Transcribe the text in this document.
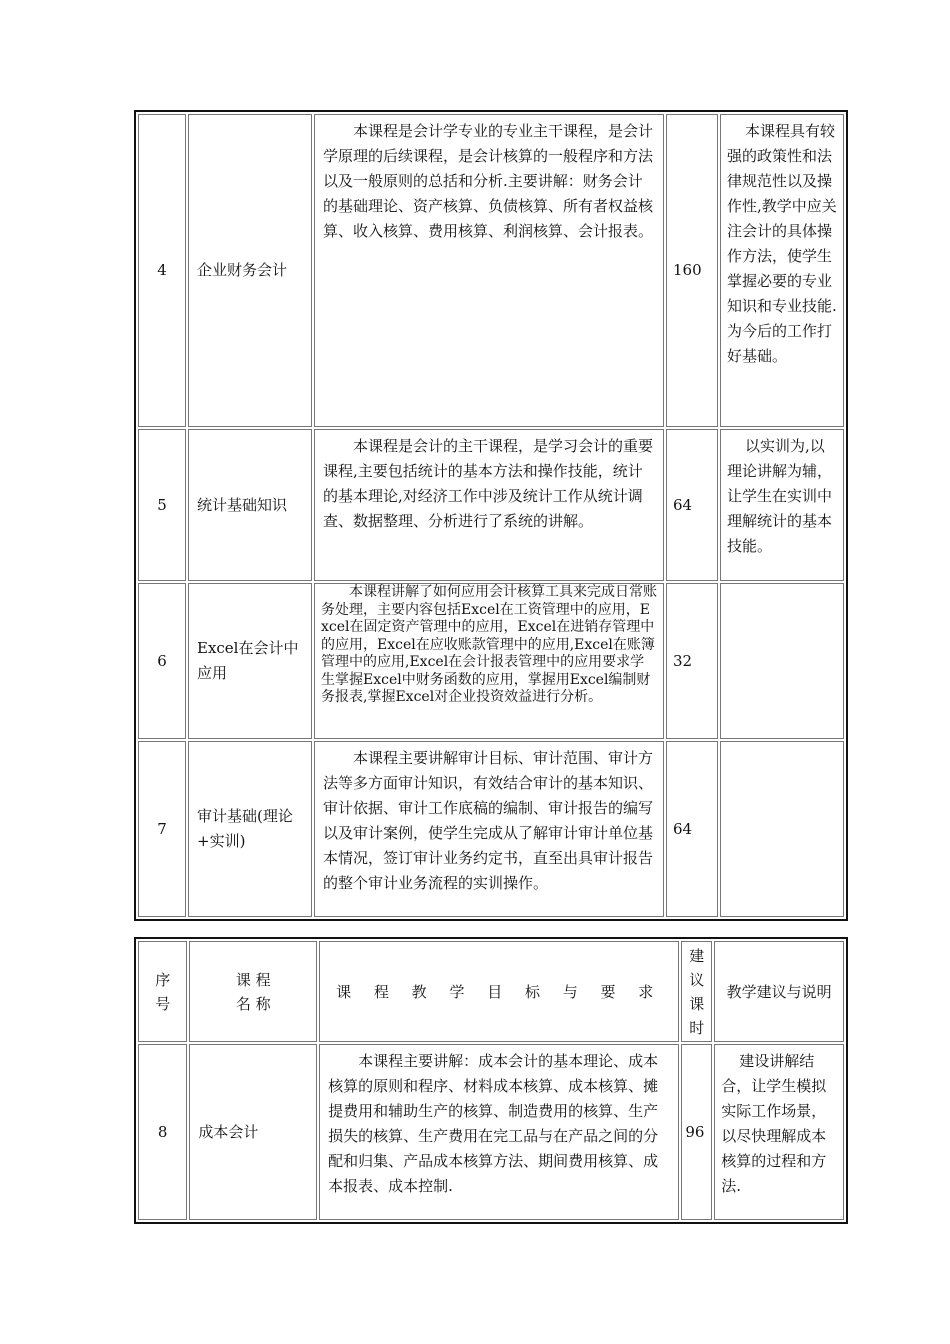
4	企业财务会计	本课程是会计学专业的专业主干课程，是会计学原理的后续课程，是会计核算的一般程序和方法以及一般原则的总括和分析.主要讲解：财务会计的基础理论、资产核算、负债核算、所有者权益核算、收入核算、费用核算、利润核算、会计报表。	160	本课程具有较强的政策性和法律规范性以及操作性,教学中应关注会计的具体操作方法，使学生掌握必要的专业知识和专业技能.为今后的工作打好基础。
5	统计基础知识	本课程是会计的主干课程，是学习会计的重要课程,主要包括统计的基本方法和操作技能，统计的基本理论,对经济工作中涉及统计工作从统计调查、数据整理、分析进行了系统的讲解。	64	以实训为,以理论讲解为辅，让学生在实训中理解统计的基本技能。
6	Excel在会计中应用	本课程讲解了如何应用会计核算工具来完成日常账务处理，主要内容包括Excel在工资管理中的应用，Excel在固定资产管理中的应用，Excel在进销存管理中的应用，Excel在应收账款管理中的应用,Excel在账簿管理中的应用,Excel在会计报表管理中的应用要求学生掌握Excel中财务函数的应用，掌握用Excel编制财务报表,掌握Excel对企业投资效益进行分析。	32	
7	审计基础(理论+实训)	本课程主要讲解审计目标、审计范围、审计方法等多方面审计知识，有效结合审计的基本知识、审计依据、审计工作底稿的编制、审计报告的编写以及审计案例，使学生完成从了解审计审计单位基本情况，签订审计业务约定书，直至出具审计报告的整个审计业务流程的实训操作。	64	
序号	课 程 名 称	课 程 教 学 目 标 与 要 求	建议课时	教学建议与说明
8	成本会计	本课程主要讲解：成本会计的基本理论、成本核算的原则和程序、材料成本核算、成本核算、摊提费用和辅助生产的核算、制造费用的核算、生产损失的核算、生产费用在完工品与在产品之间的分配和归集、产品成本核算方法、期间费用核算、成本报表、成本控制.	96	建设讲解结合，让学生模拟实际工作场景，以尽快理解成本核算的过程和方法.
